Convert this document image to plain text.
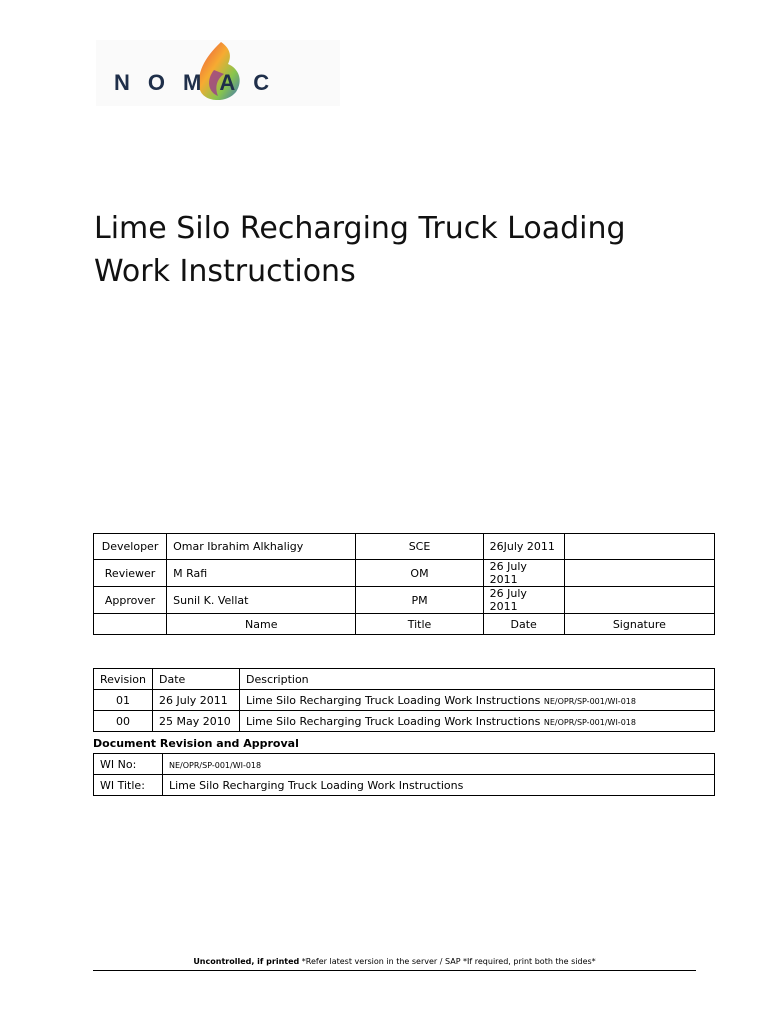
NOMAC
Lime Silo Recharging Truck Loading
Work Instructions
Developer	Omar Ibrahim Alkhaligy	SCE	26July 2011	
Reviewer	M Rafi	OM	26 July 2011	
Approver	Sunil K. Vellat	PM	26 July 2011	
	Name	Title	Date	Signature
Revision	Date	Description
01	26 July 2011	Lime Silo Recharging Truck Loading Work Instructions NE/OPR/SP-001/WI-018
00	25 May 2010	Lime Silo Recharging Truck Loading Work Instructions NE/OPR/SP-001/WI-018
Document Revision and Approval
WI No:	NE/OPR/SP-001/WI-018
WI Title:	Lime Silo Recharging Truck Loading Work Instructions
Uncontrolled, if printed *Refer latest version in the server / SAP *If required, print both the sides*
